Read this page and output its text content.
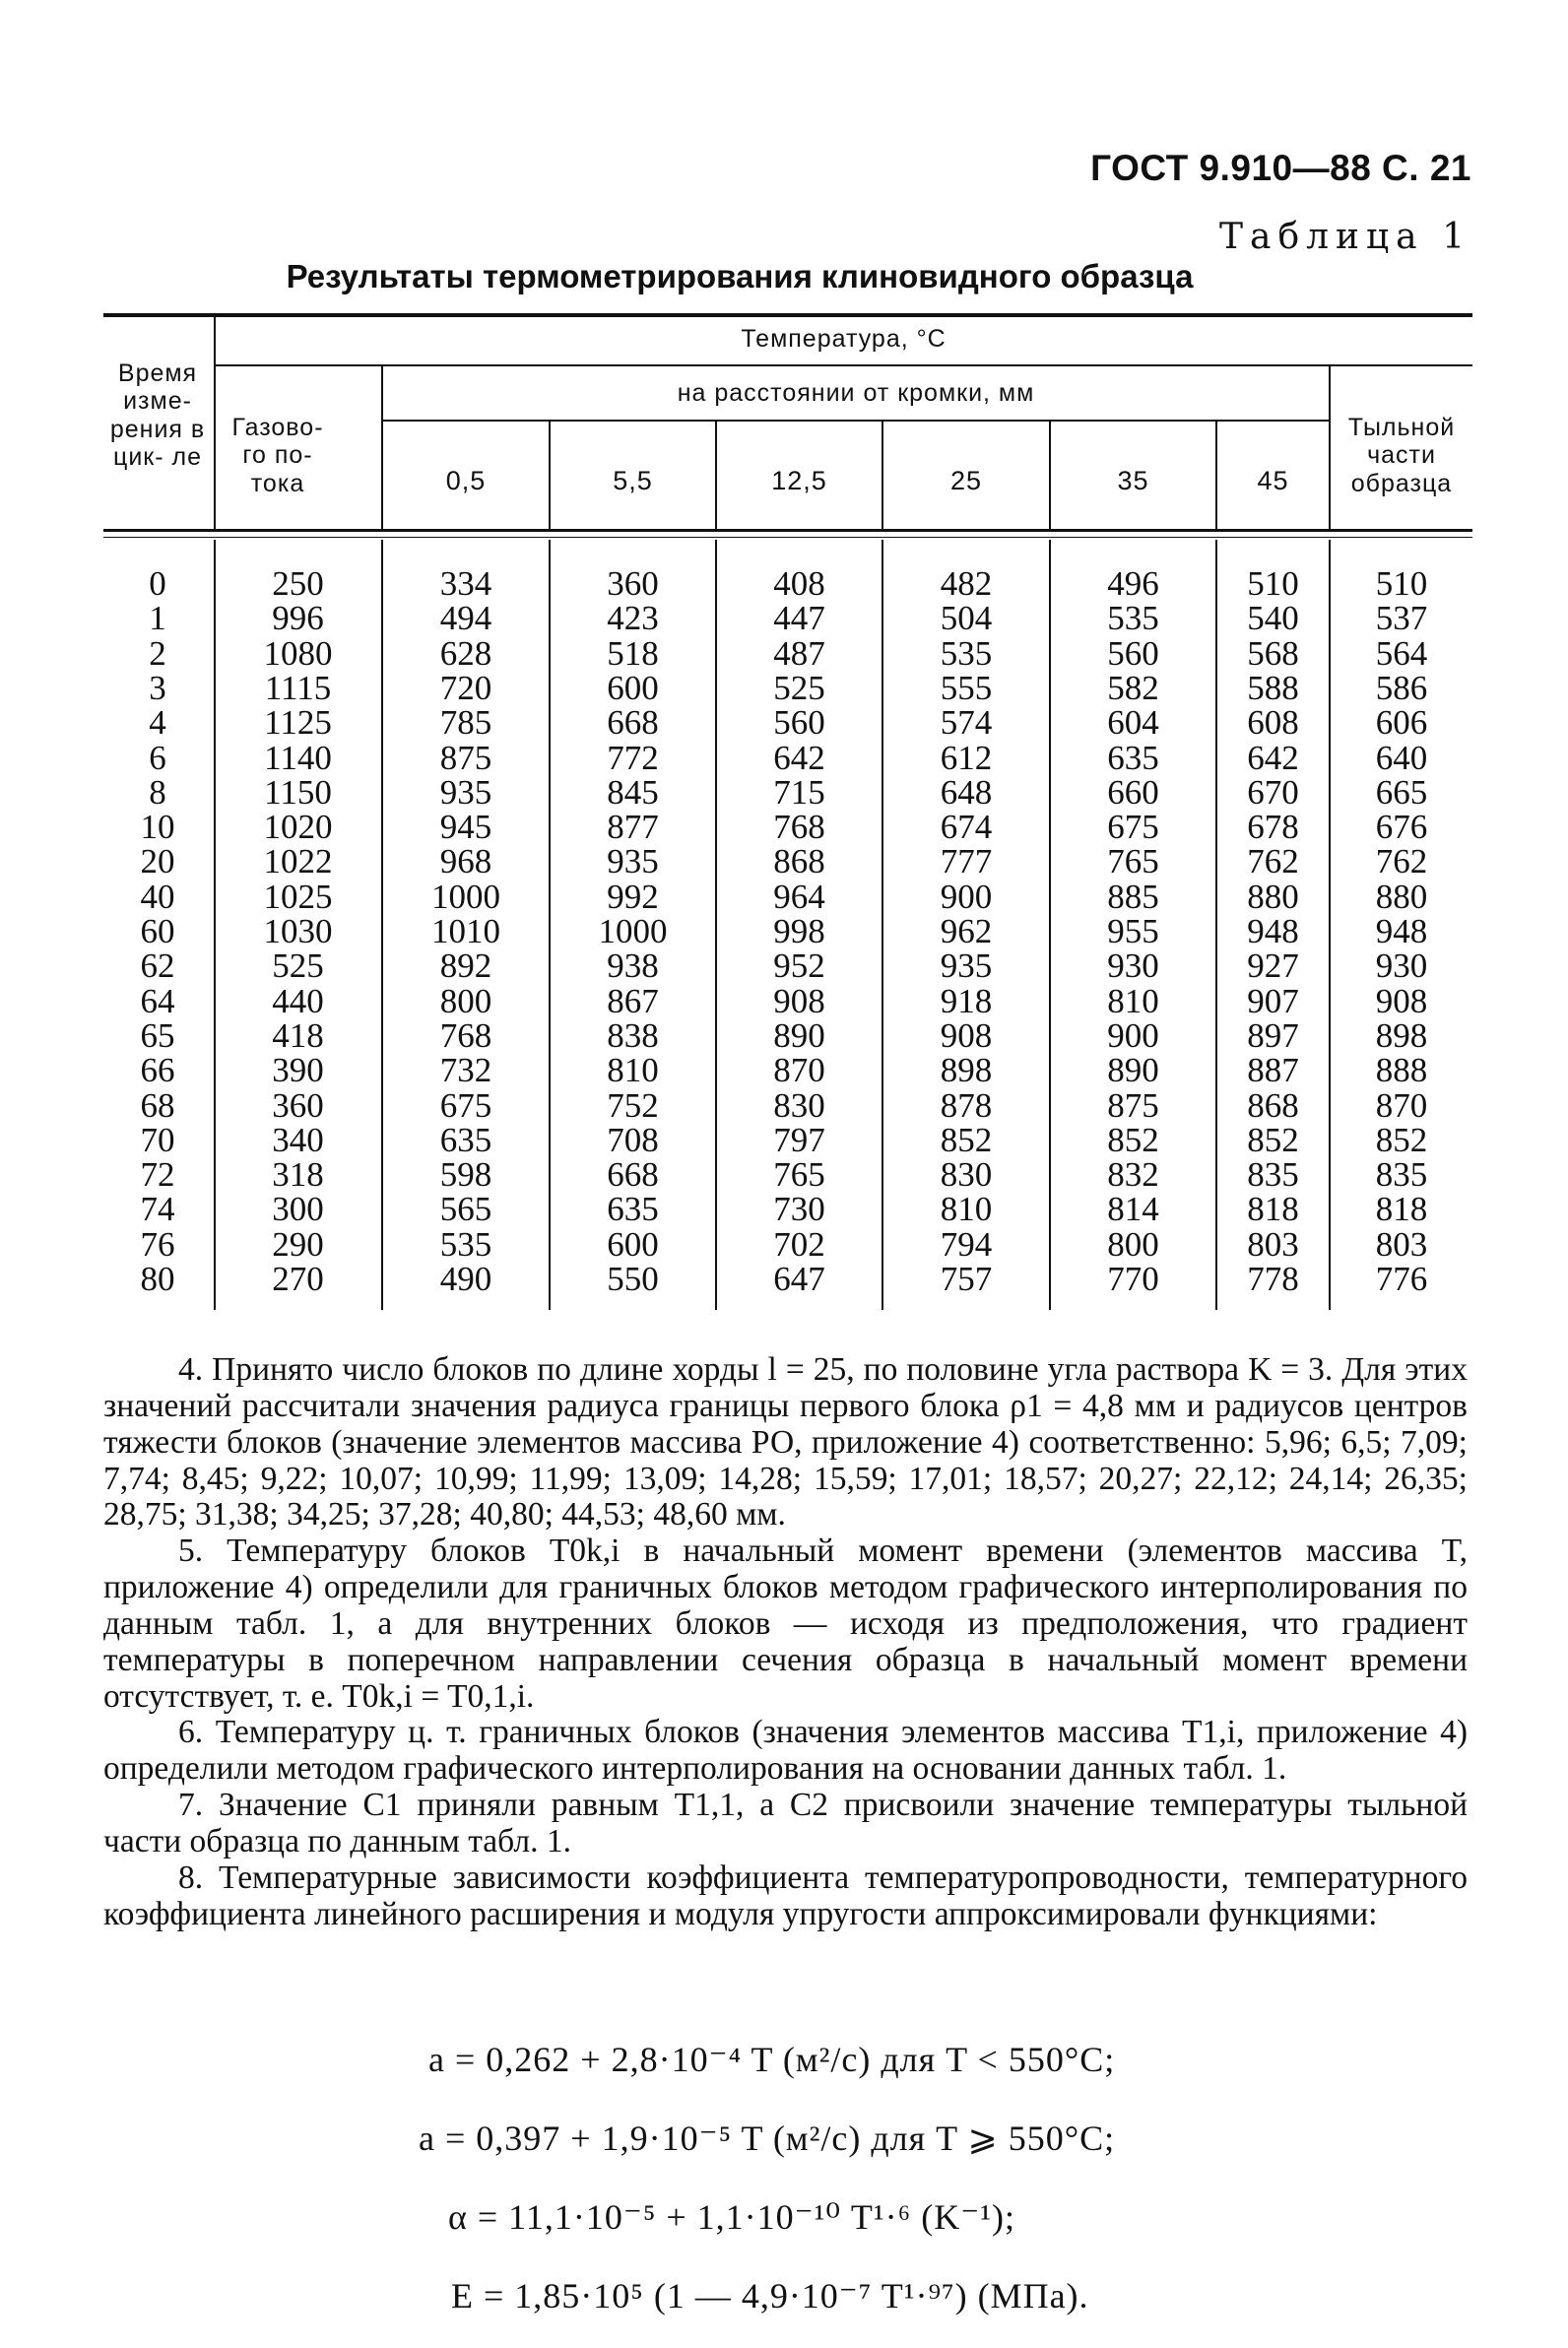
ГОСТ 9.910—88 С. 21
Таблица 1
Результаты термометрирования клиновидного образца
Время изме- рения в цик- ле
Температура, °С
Газово- го по- тока
на расстоянии от кромки, мм
Тыльной части образца
0,5	5,5	12,5	25	35	45
0	250	334	360	408	482	496	510	510
1	996	494	423	447	504	535	540	537
2	1080	628	518	487	535	560	568	564
3	1115	720	600	525	555	582	588	586
4	1125	785	668	560	574	604	608	606
6	1140	875	772	642	612	635	642	640
8	1150	935	845	715	648	660	670	665
10	1020	945	877	768	674	675	678	676
20	1022	968	935	868	777	765	762	762
40	1025	1000	992	964	900	885	880	880
60	1030	1010	1000	998	962	955	948	948
62	525	892	938	952	935	930	927	930
64	440	800	867	908	918	810	907	908
65	418	768	838	890	908	900	897	898
66	390	732	810	870	898	890	887	888
68	360	675	752	830	878	875	868	870
70	340	635	708	797	852	852	852	852
72	318	598	668	765	830	832	835	835
74	300	565	635	730	810	814	818	818
76	290	535	600	702	794	800	803	803
80	270	490	550	647	757	770	778	776

4. Принято число блоков по длине хорды l = 25, по половине угла раствора K = 3. Для этих значений рассчитали значения радиуса границы первого блока ρ1 = 4,8 мм и радиусов центров тяжести блоков (значение элементов массива РО, приложение 4) соответственно: 5,96; 6,5; 7,09; 7,74; 8,45; 9,22; 10,07; 10,99; 11,99; 13,09; 14,28; 15,59; 17,01; 18,57; 20,27; 22,12; 24,14; 26,35; 28,75; 31,38; 34,25; 37,28; 40,80; 44,53; 48,60 мм.

5. Температуру блоков T0k,i в начальный момент времени (элементов массива T, приложение 4) определили для граничных блоков методом графического интерполирования по данным табл. 1, а для внутренних блоков — исходя из предположения, что градиент температуры в поперечном направлении сечения образца в начальный момент времени отсутствует, т. е. T0k,i = T0,1,i.

6. Температуру ц. т. граничных блоков (значения элементов массива T1,i, приложение 4) определили методом графического интерполирования на основании данных табл. 1.

7. Значение С1 приняли равным T1,1, а С2 присвоили значение температуры тыльной части образца по данным табл. 1.

8. Температурные зависимости коэффициента температуропроводности, температурного коэффициента линейного расширения и модуля упругости аппроксимировали функциями:

a = 0,262 + 2,8·10⁻⁴ T (м²/с) для T < 550°С;
a = 0,397 + 1,9·10⁻⁵ T (м²/с) для T ⩾ 550°С;
α = 11,1·10⁻⁵ + 1,1·10⁻¹⁰ T¹·⁶ (K⁻¹);
E = 1,85·10⁵ (1 — 4,9·10⁻⁷ T¹·⁹⁷) (МПа).
